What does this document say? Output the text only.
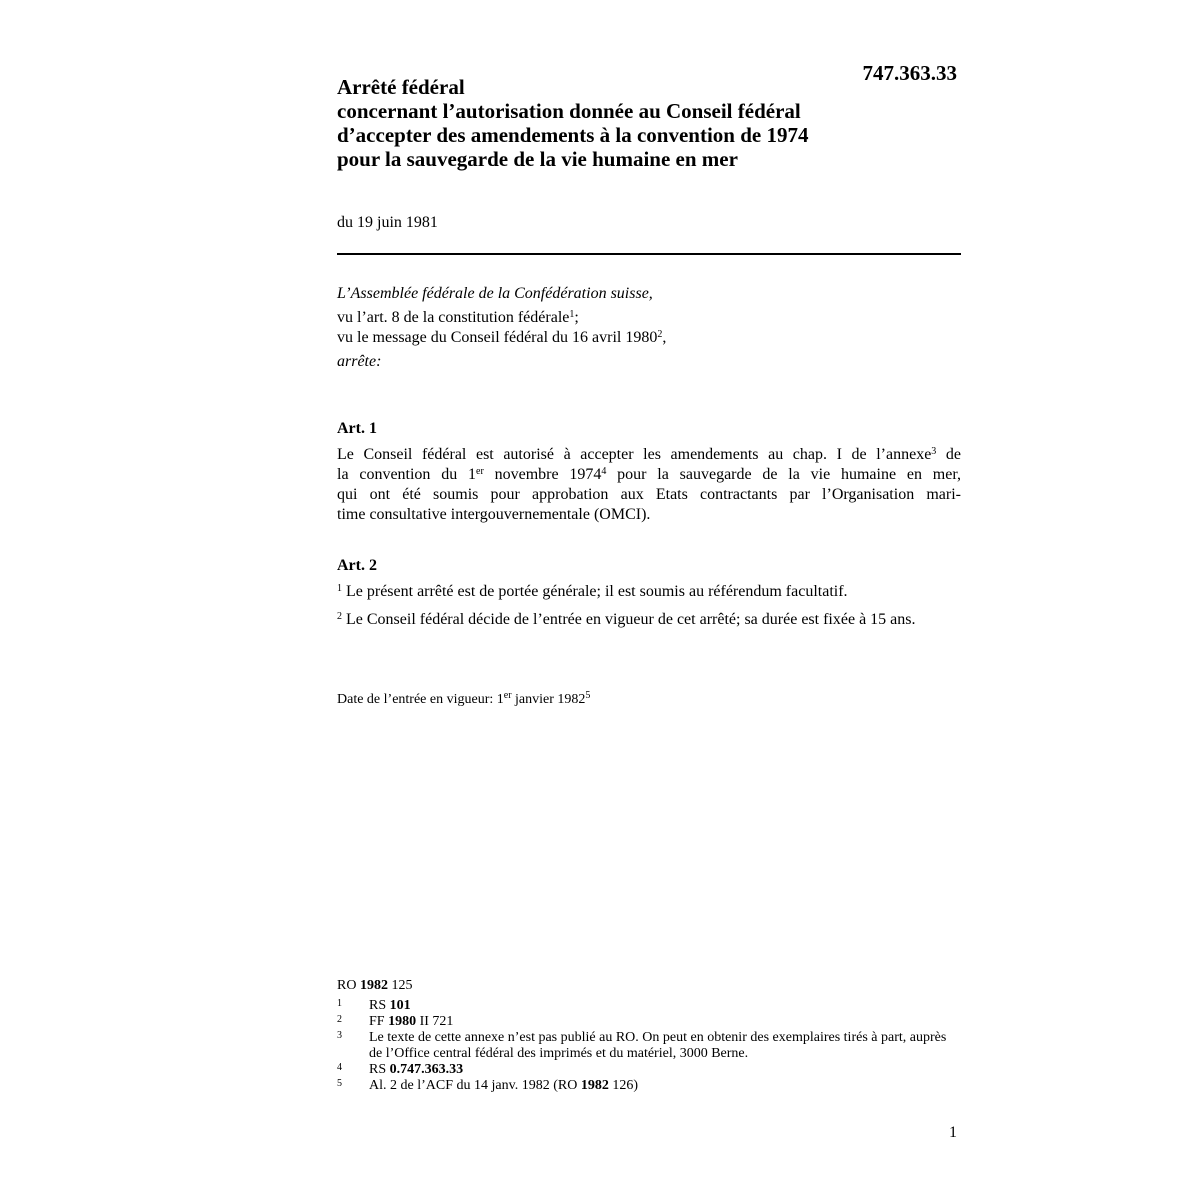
747.363.33
Arrêté fédéral
concernant l’autorisation donnée au Conseil fédéral
d’accepter des amendements à la convention de 1974
pour la sauvegarde de la vie humaine en mer
du 19 juin 1981
L’Assemblée fédérale de la Confédération suisse,
vu l’art. 8 de la constitution fédérale$^1$;
vu le message du Conseil fédéral du 16 avril 1980$^2$,
arrête:
Art. 1
Le Conseil fédéral est autorisé à accepter les amendements au chap. I de l’annexe$^3$ de
la convention du 1er novembre 1974$^4$ pour la sauvegarde de la vie humaine en mer,
qui ont été soumis pour approbation aux Etats contractants par l’Organisation mari-
time consultative intergouvernementale (OMCI).
Art. 2
$^1$ Le présent arrêté est de portée générale; il est soumis au référendum facultatif.
$^2$ Le Conseil fédéral décide de l’entrée en vigueur de cet arrêté; sa durée est fixée à 15 ans.
Date de l’entrée en vigueur: 1er janvier 1982$^5$
RO 1982 125
1	RS 101
2	FF 1980 II 721
3	Le texte de cette annexe n’est pas publié au RO. On peut en obtenir des exemplaires tirés à part, auprès de l’Office central fédéral des imprimés et du matériel, 3000 Berne.
4	RS 0.747.363.33
5	Al. 2 de l’ACF du 14 janv. 1982 (RO 1982 126)
1
